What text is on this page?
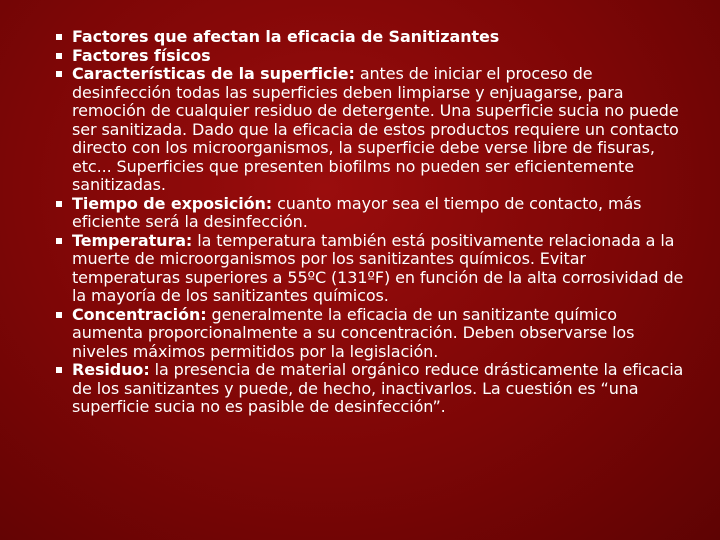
Factores que afectan la eficacia de Sanitizantes
Factores físicos
Características de la superficie: antes de iniciar el proceso de desinfección todas las superficies deben limpiarse y enjuagarse, para remoción de cualquier residuo de detergente. Una superficie sucia no puede ser sanitizada. Dado que la eficacia de estos productos requiere un contacto directo con los microorganismos, la superficie debe verse libre de fisuras, etc... Superficies que presenten biofilms no pueden ser eficientemente sanitizadas.
Tiempo de exposición: cuanto mayor sea el tiempo de contacto, más eficiente será la desinfección.
Temperatura: la temperatura también está positivamente relacionada a la muerte de microorganismos por los sanitizantes químicos. Evitar temperaturas superiores a 55ºC (131ºF) en función de la alta corrosividad de la mayoría de los sanitizantes químicos.
Concentración: generalmente la eficacia de un sanitizante químico aumenta proporcionalmente a su concentración. Deben observarse los niveles máximos permitidos por la legislación.
Residuo: la presencia de material orgánico reduce drásticamente la eficacia de los sanitizantes y puede, de hecho, inactivarlos. La cuestión es “una superficie sucia no es pasible de desinfección”.
